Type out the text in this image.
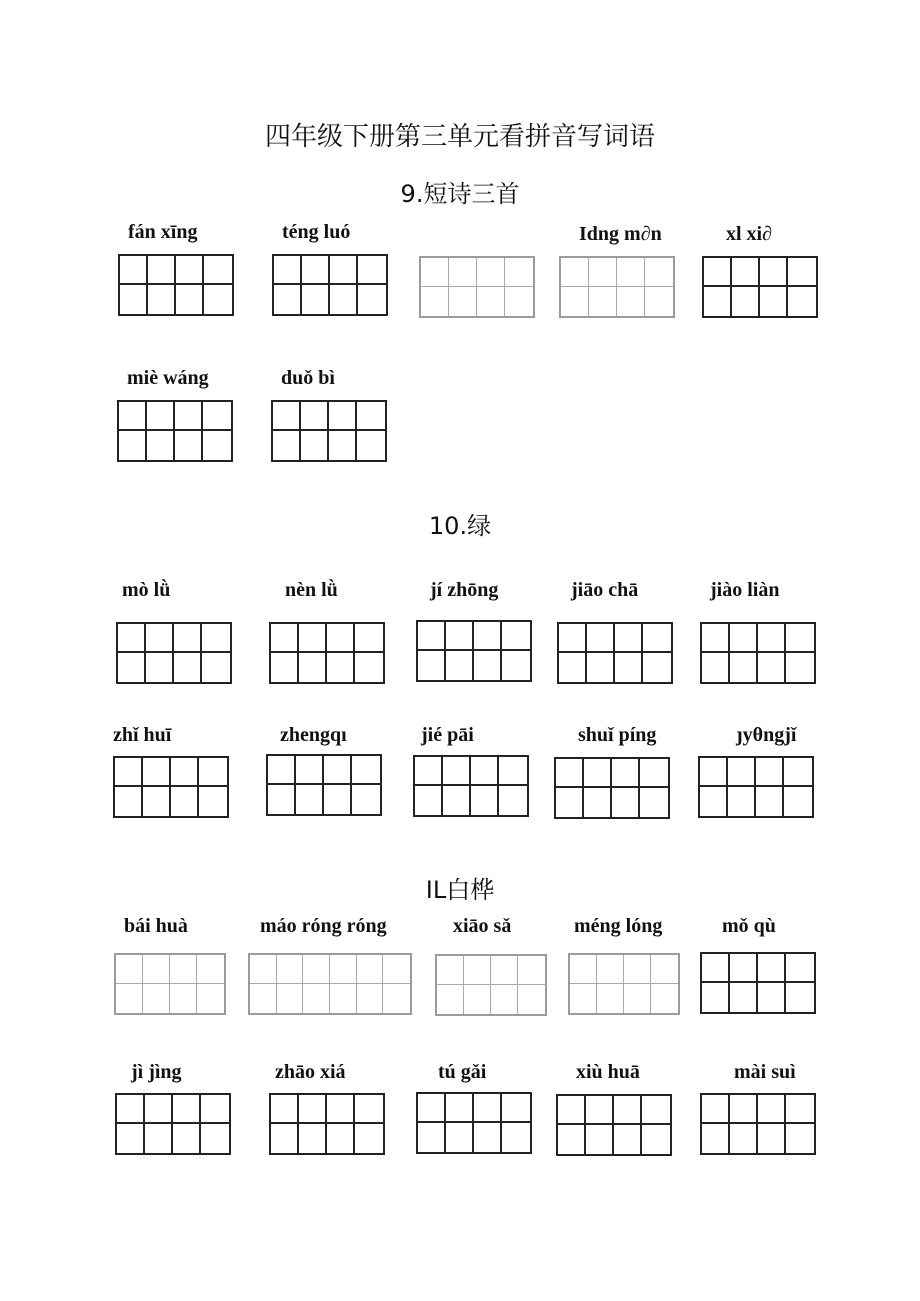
四年级下册第三单元看拼音写词语
9.短诗三首
fán xīng	téng luó	Idng m∂n	xl xi∂
miè wáng	duǒ bì
10.绿
mò lǜ	nèn lǜ	jí zhōng	jiāo chā	jiào liàn
zhǐ huī	zhengqı	jié pāi	shuǐ píng	ȷyθngjǐ
IL白桦
bái huà	máo róng róng	xiāo sǎ	méng lóng	mǒ qù
jì jìng	zhāo xiá	tú gǎi	xiù huā	mài suì
